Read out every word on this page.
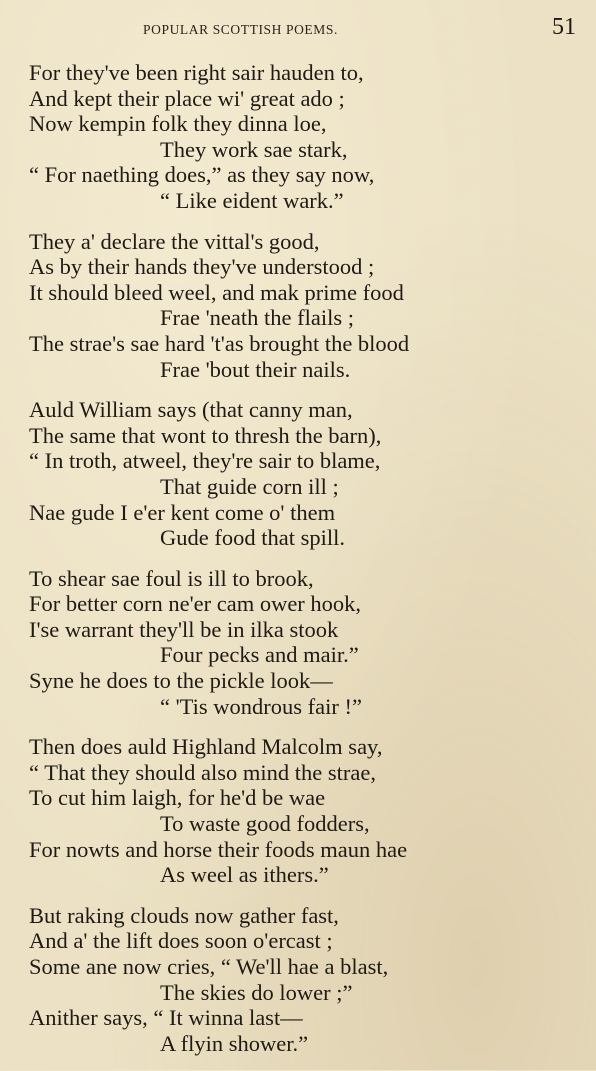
POPULAR SCOTTISH POEMS.	51
For they've been right sair hauden to,
And kept their place wi' great ado ;
Now kempin folk they dinna loe,
They work sae stark,
“ For naething does,” as they say now,
“ Like eident wark.”
They a' declare the vittal's good,
As by their hands they've understood ;
It should bleed weel, and mak prime food
Frae 'neath the flails ;
The strae's sae hard 't'as brought the blood
Frae 'bout their nails.
Auld William says (that canny man,
The same that wont to thresh the barn),
“ In troth, atweel, they're sair to blame,
That guide corn ill ;
Nae gude I e'er kent come o' them
Gude food that spill.
To shear sae foul is ill to brook,
For better corn ne'er cam ower hook,
I'se warrant they'll be in ilka stook
Four pecks and mair.”
Syne he does to the pickle look—
“ 'Tis wondrous fair !”
Then does auld Highland Malcolm say,
“ That they should also mind the strae,
To cut him laigh, for he'd be wae
To waste good fodders,
For nowts and horse their foods maun hae
As weel as ithers.”
But raking clouds now gather fast,
And a' the lift does soon o'ercast ;
Some ane now cries, “ We'll hae a blast,
The skies do lower ;”
Anither says, “ It winna last—
A flyin shower.”
